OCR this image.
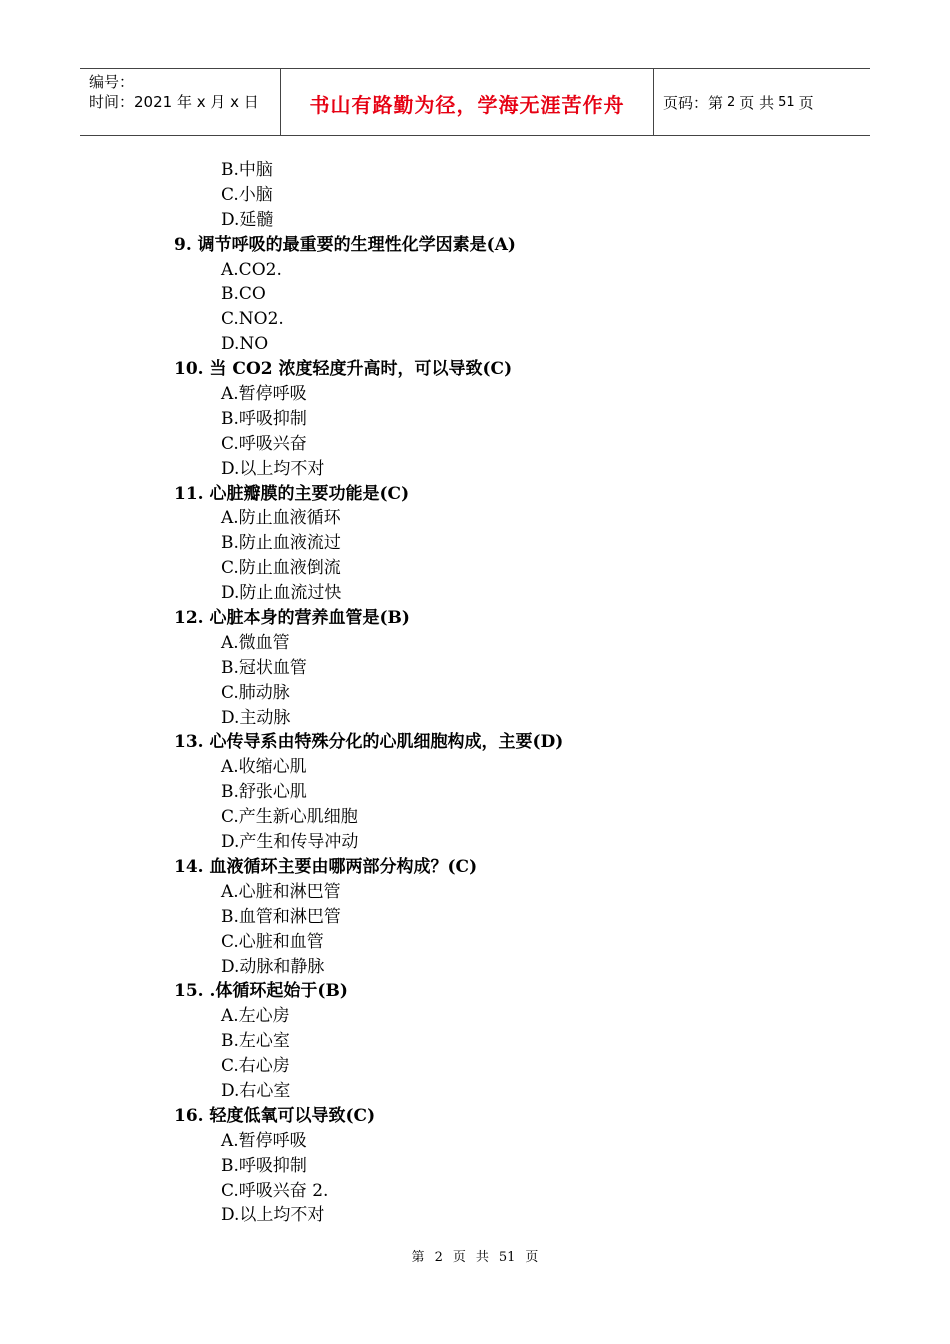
编号：
时间：2021 年 x 月 x 日	书山有路勤为径，学海无涯苦作舟	页码：第 2 页 共 51 页
B.中脑
C.小脑
D.延髓
9. 调节呼吸的最重要的生理性化学因素是(A)
A.CO2.
B.CO
C.NO2.
D.NO
10. 当 CO2 浓度轻度升高时，可以导致(C)
A.暂停呼吸
B.呼吸抑制
C.呼吸兴奋
D.以上均不对
11. 心脏瓣膜的主要功能是(C)
A.防止血液循环
B.防止血液流过
C.防止血液倒流
D.防止血流过快
12. 心脏本身的营养血管是(B)
A.微血管
B.冠状血管
C.肺动脉
D.主动脉
13. 心传导系由特殊分化的心肌细胞构成，主要(D)
A.收缩心肌
B.舒张心肌
C.产生新心肌细胞
D.产生和传导冲动
14. 血液循环主要由哪两部分构成？(C)
A.心脏和淋巴管
B.血管和淋巴管
C.心脏和血管
D.动脉和静脉
15. .体循环起始于(B)
A.左心房
B.左心室
C.右心房
D.右心室
16. 轻度低氧可以导致(C)
A.暂停呼吸
B.呼吸抑制
C.呼吸兴奋 2.
D.以上均不对
第 2 页 共 51 页
